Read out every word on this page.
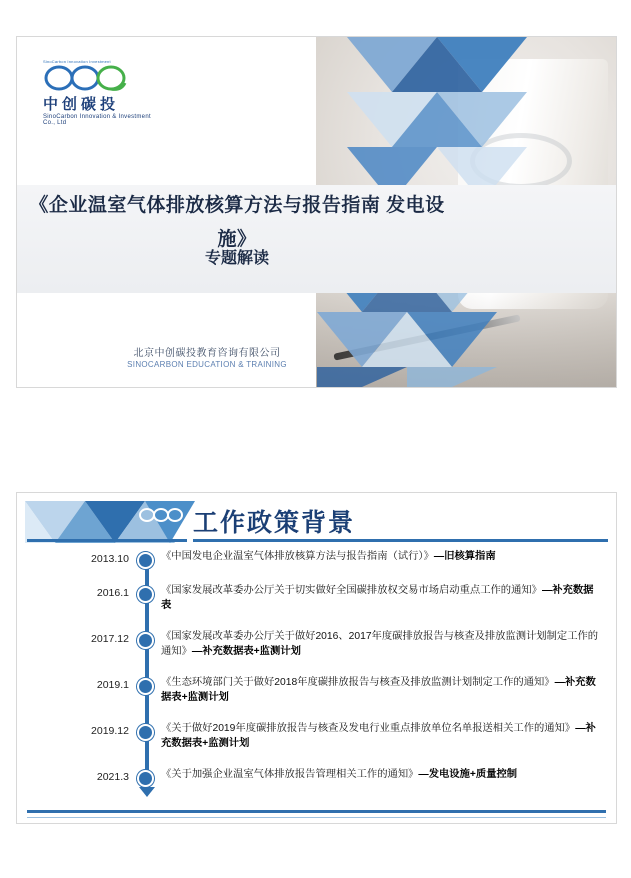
SinoCarbon Innovation Investment
中创碳投
SinoCarbon Innovation & Investment Co., Ltd
《企业温室气体排放核算方法与报告指南 发电设施》
专题解读
北京中创碳投教育咨询有限公司
SINOCARBON EDUCATION & TRAINING
工作政策背景
2013.10	《中国发电企业温室气体排放核算方法与报告指南（试行）》—旧核算指南
2016.1	《国家发展改革委办公厅关于切实做好全国碳排放权交易市场启动重点工作的通知》—补充数据表
2017.12	《国家发展改革委办公厅关于做好2016、2017年度碳排放报告与核查及排放监测计划制定工作的通知》—补充数据表+监测计划
2019.1	《生态环境部门关于做好2018年度碳排放报告与核查及排放监测计划制定工作的通知》—补充数据表+监测计划
2019.12	《关于做好2019年度碳排放报告与核查及发电行业重点排放单位名单报送相关工作的通知》—补充数据表+监测计划
2021.3	《关于加强企业温室气体排放报告管理相关工作的通知》—发电设施+质量控制
